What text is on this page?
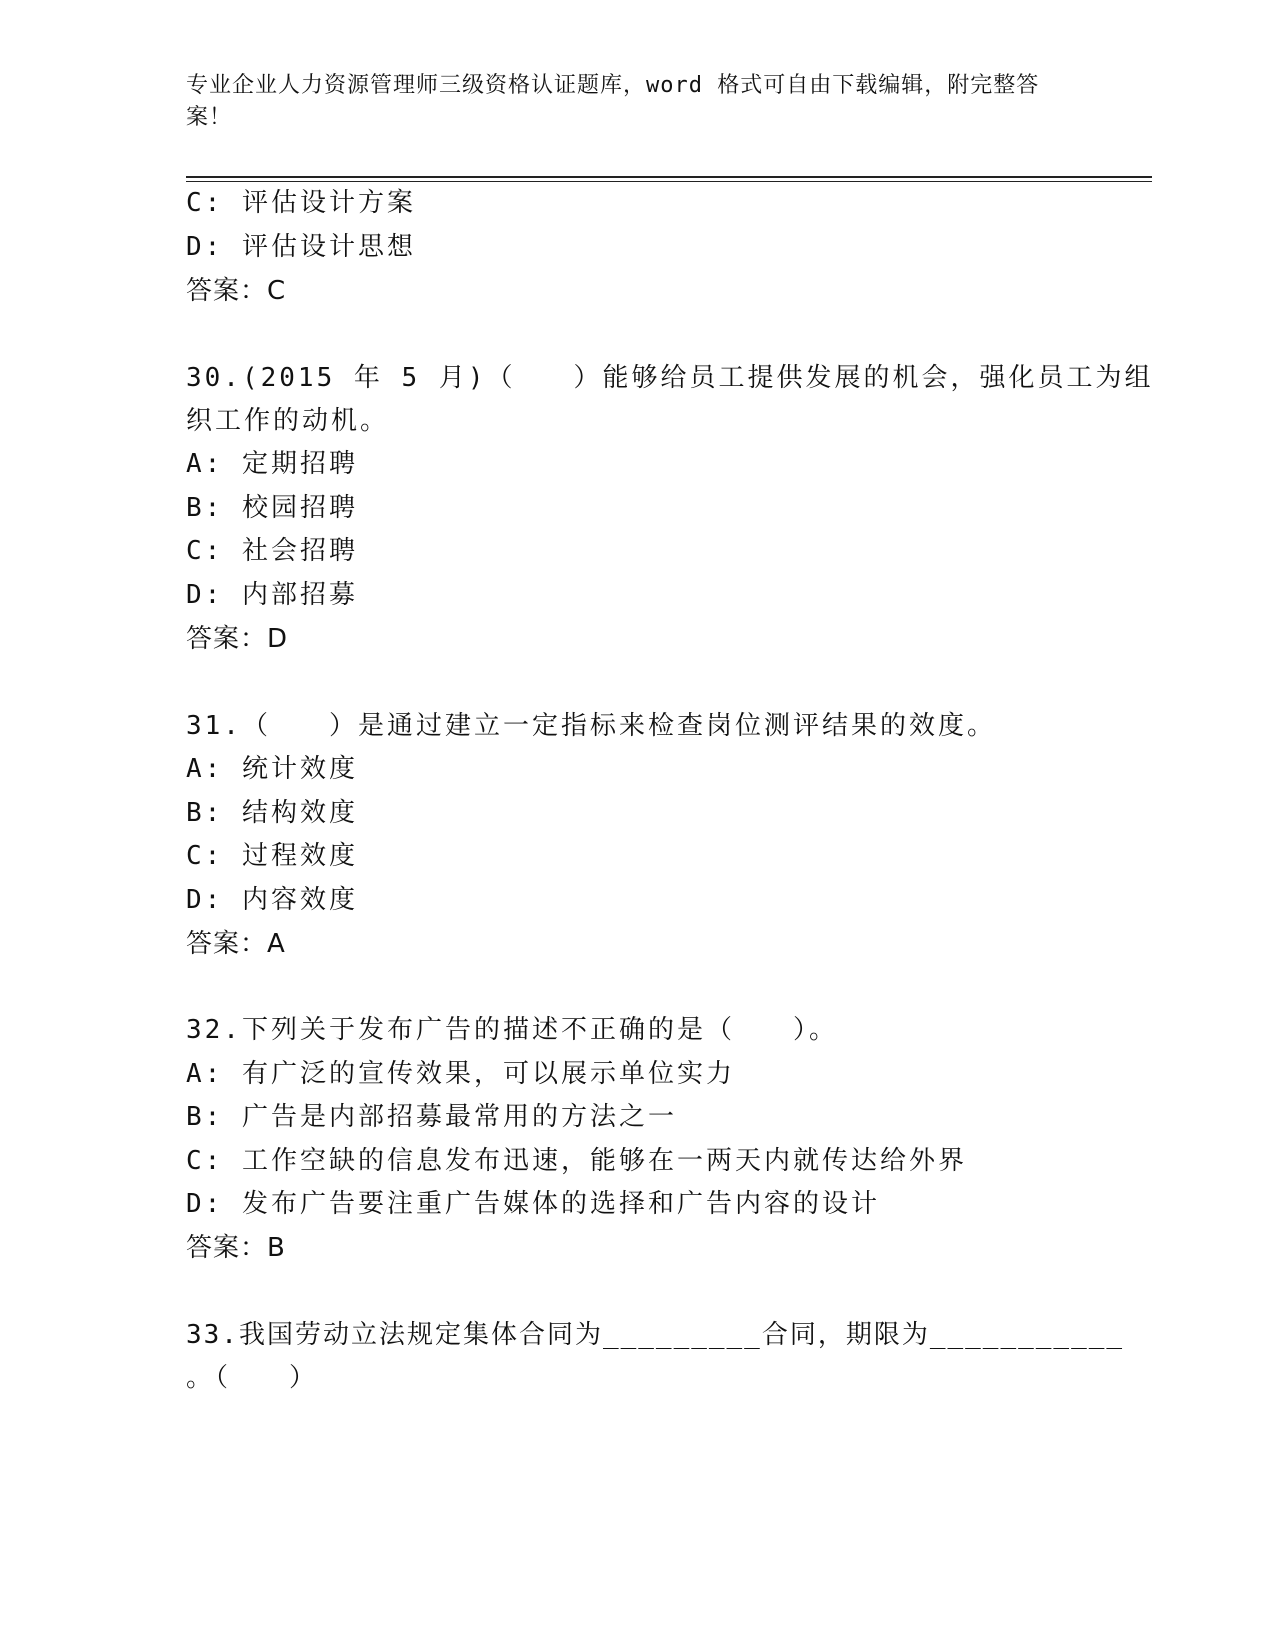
专业企业人力资源管理师三级资格认证题库，word 格式可自由下载编辑，附完整答案！
C: 评估设计方案
D: 评估设计思想
答案：C
30.(2015 年 5 月)（　　）能够给员工提供发展的机会，强化员工为组
织工作的动机。
A: 定期招聘
B: 校园招聘
C: 社会招聘
D: 内部招募
答案：D
31.（　　）是通过建立一定指标来检查岗位测评结果的效度。
A: 统计效度
B: 结构效度
C: 过程效度
D: 内容效度
答案：A
32.下列关于发布广告的描述不正确的是（　　）。
A: 有广泛的宣传效果，可以展示单位实力
B: 广告是内部招募最常用的方法之一
C: 工作空缺的信息发布迅速，能够在一两天内就传达给外界
D: 发布广告要注重广告媒体的选择和广告内容的设计
答案：B
33.我国劳动立法规定集体合同为_________合同，期限为___________
。（　　）
